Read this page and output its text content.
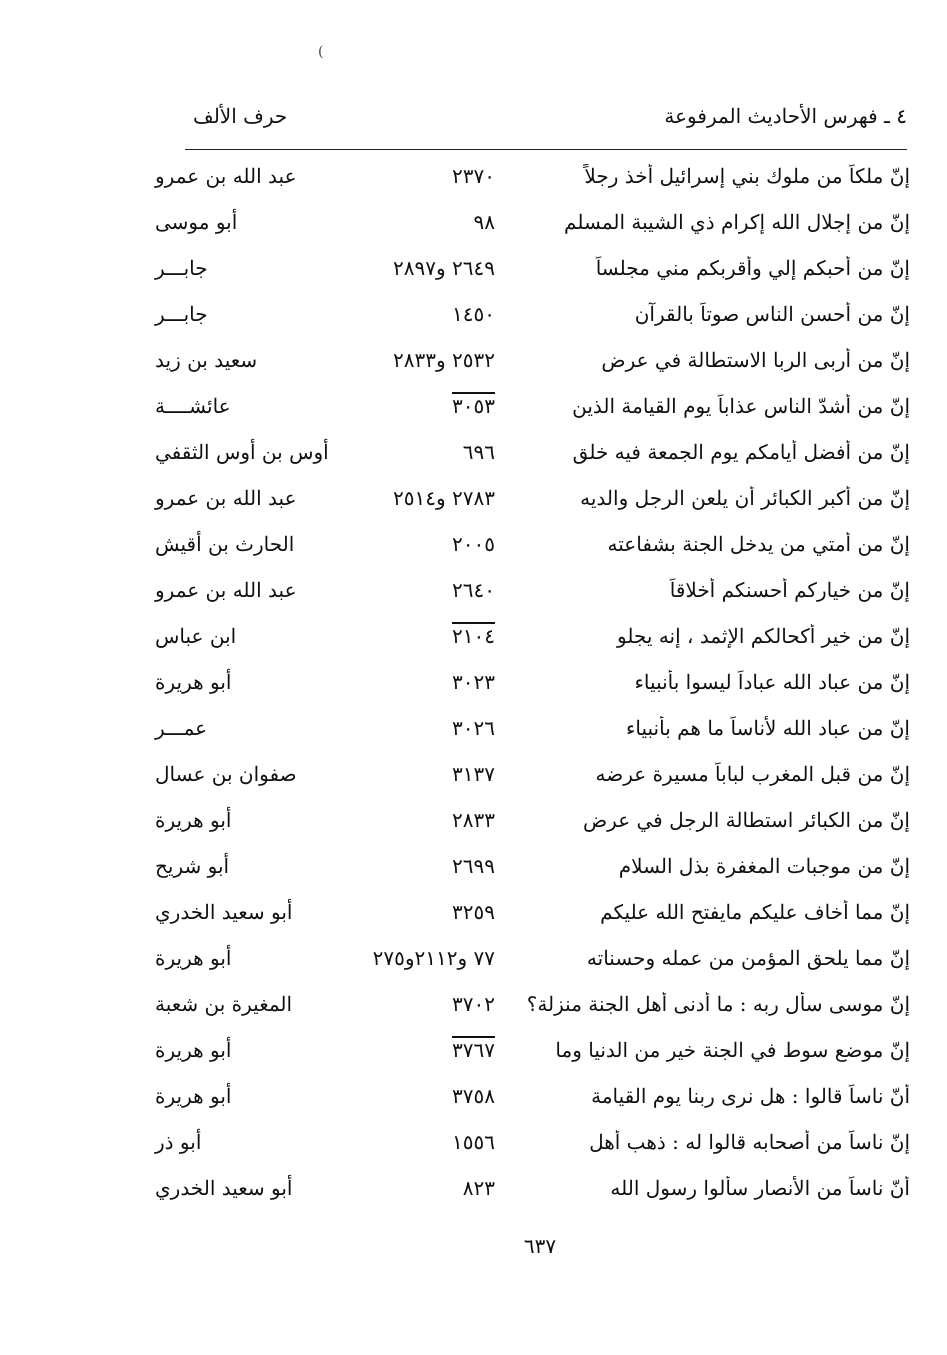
(
٤ ـ فهرس الأحاديث المرفوعة
حرف الألف
إنّ ملكاً من ملوك بني إسرائيل أخذ رجلاً
٢٣٧٠
عبد الله بن عمرو
إنّ من إجلال الله إكرام ذي الشيبة المسلم
٩٨
أبو موسى
إنّ من أحبكم إلي وأقربكم مني مجلساً
٢٦٤٩ و٢٨٩٧
جابـــر
إنّ من أحسن الناس صوتاً بالقرآن
١٤٥٠
جابـــر
إنّ من أربى الربا الاستطالة في عرض
٢٥٣٢ و٢٨٣٣
سعيد بن زيد
إنّ من أشدّ الناس عذاباً يوم القيامة الذين
٣٠٥٣
عائشــــة
إنّ من أفضل أيامكم يوم الجمعة فيه خلق
٦٩٦
أوس بن أوس الثقفي
إنّ من أكبر الكبائر أن يلعن الرجل والديه
٢٧٨٣ و٢٥١٤
عبد الله بن عمرو
إنّ من أمتي من يدخل الجنة بشفاعته
٢٠٠٥
الحارث بن أقيش
إنّ من خياركم أحسنكم أخلاقاً
٢٦٤٠
عبد الله بن عمرو
إنّ من خير أكحالكم الإثمد ، إنه يجلو
٢١٠٤
ابن عباس
إنّ من عباد الله عباداً ليسوا بأنبياء
٣٠٢٣
أبو هريرة
إنّ من عباد الله لأناساً ما هم بأنبياء
٣٠٢٦
عمـــر
إنّ من قبل المغرب لباباً مسيرة عرضه
٣١٣٧
صفوان بن عسال
إنّ من الكبائر استطالة الرجل في عرض
٢٨٣٣
أبو هريرة
إنّ من موجبات المغفرة بذل السلام
٢٦٩٩
أبو شريح
إنّ مما أخاف عليكم مايفتح الله عليكم
٣٢٥٩
أبو سعيد الخدري
إنّ مما يلحق المؤمن من عمله وحسناته
٧٧ و٢١١٢و٢٧٥
أبو هريرة
إنّ موسى سأل ربه : ما أدنى أهل الجنة منزلة؟
٣٧٠٢
المغيرة بن شعبة
إنّ موضع سوط في الجنة خير من الدنيا وما
٣٧٦٧
أبو هريرة
أنّ ناساً قالوا : هل نرى ربنا يوم القيامة
٣٧٥٨
أبو هريرة
إنّ ناساً من أصحابه قالوا له : ذهب أهل
١٥٥٦
أبو ذر
أنّ ناساً من الأنصار سألوا رسول الله
٨٢٣
أبو سعيد الخدري
٦٣٧
